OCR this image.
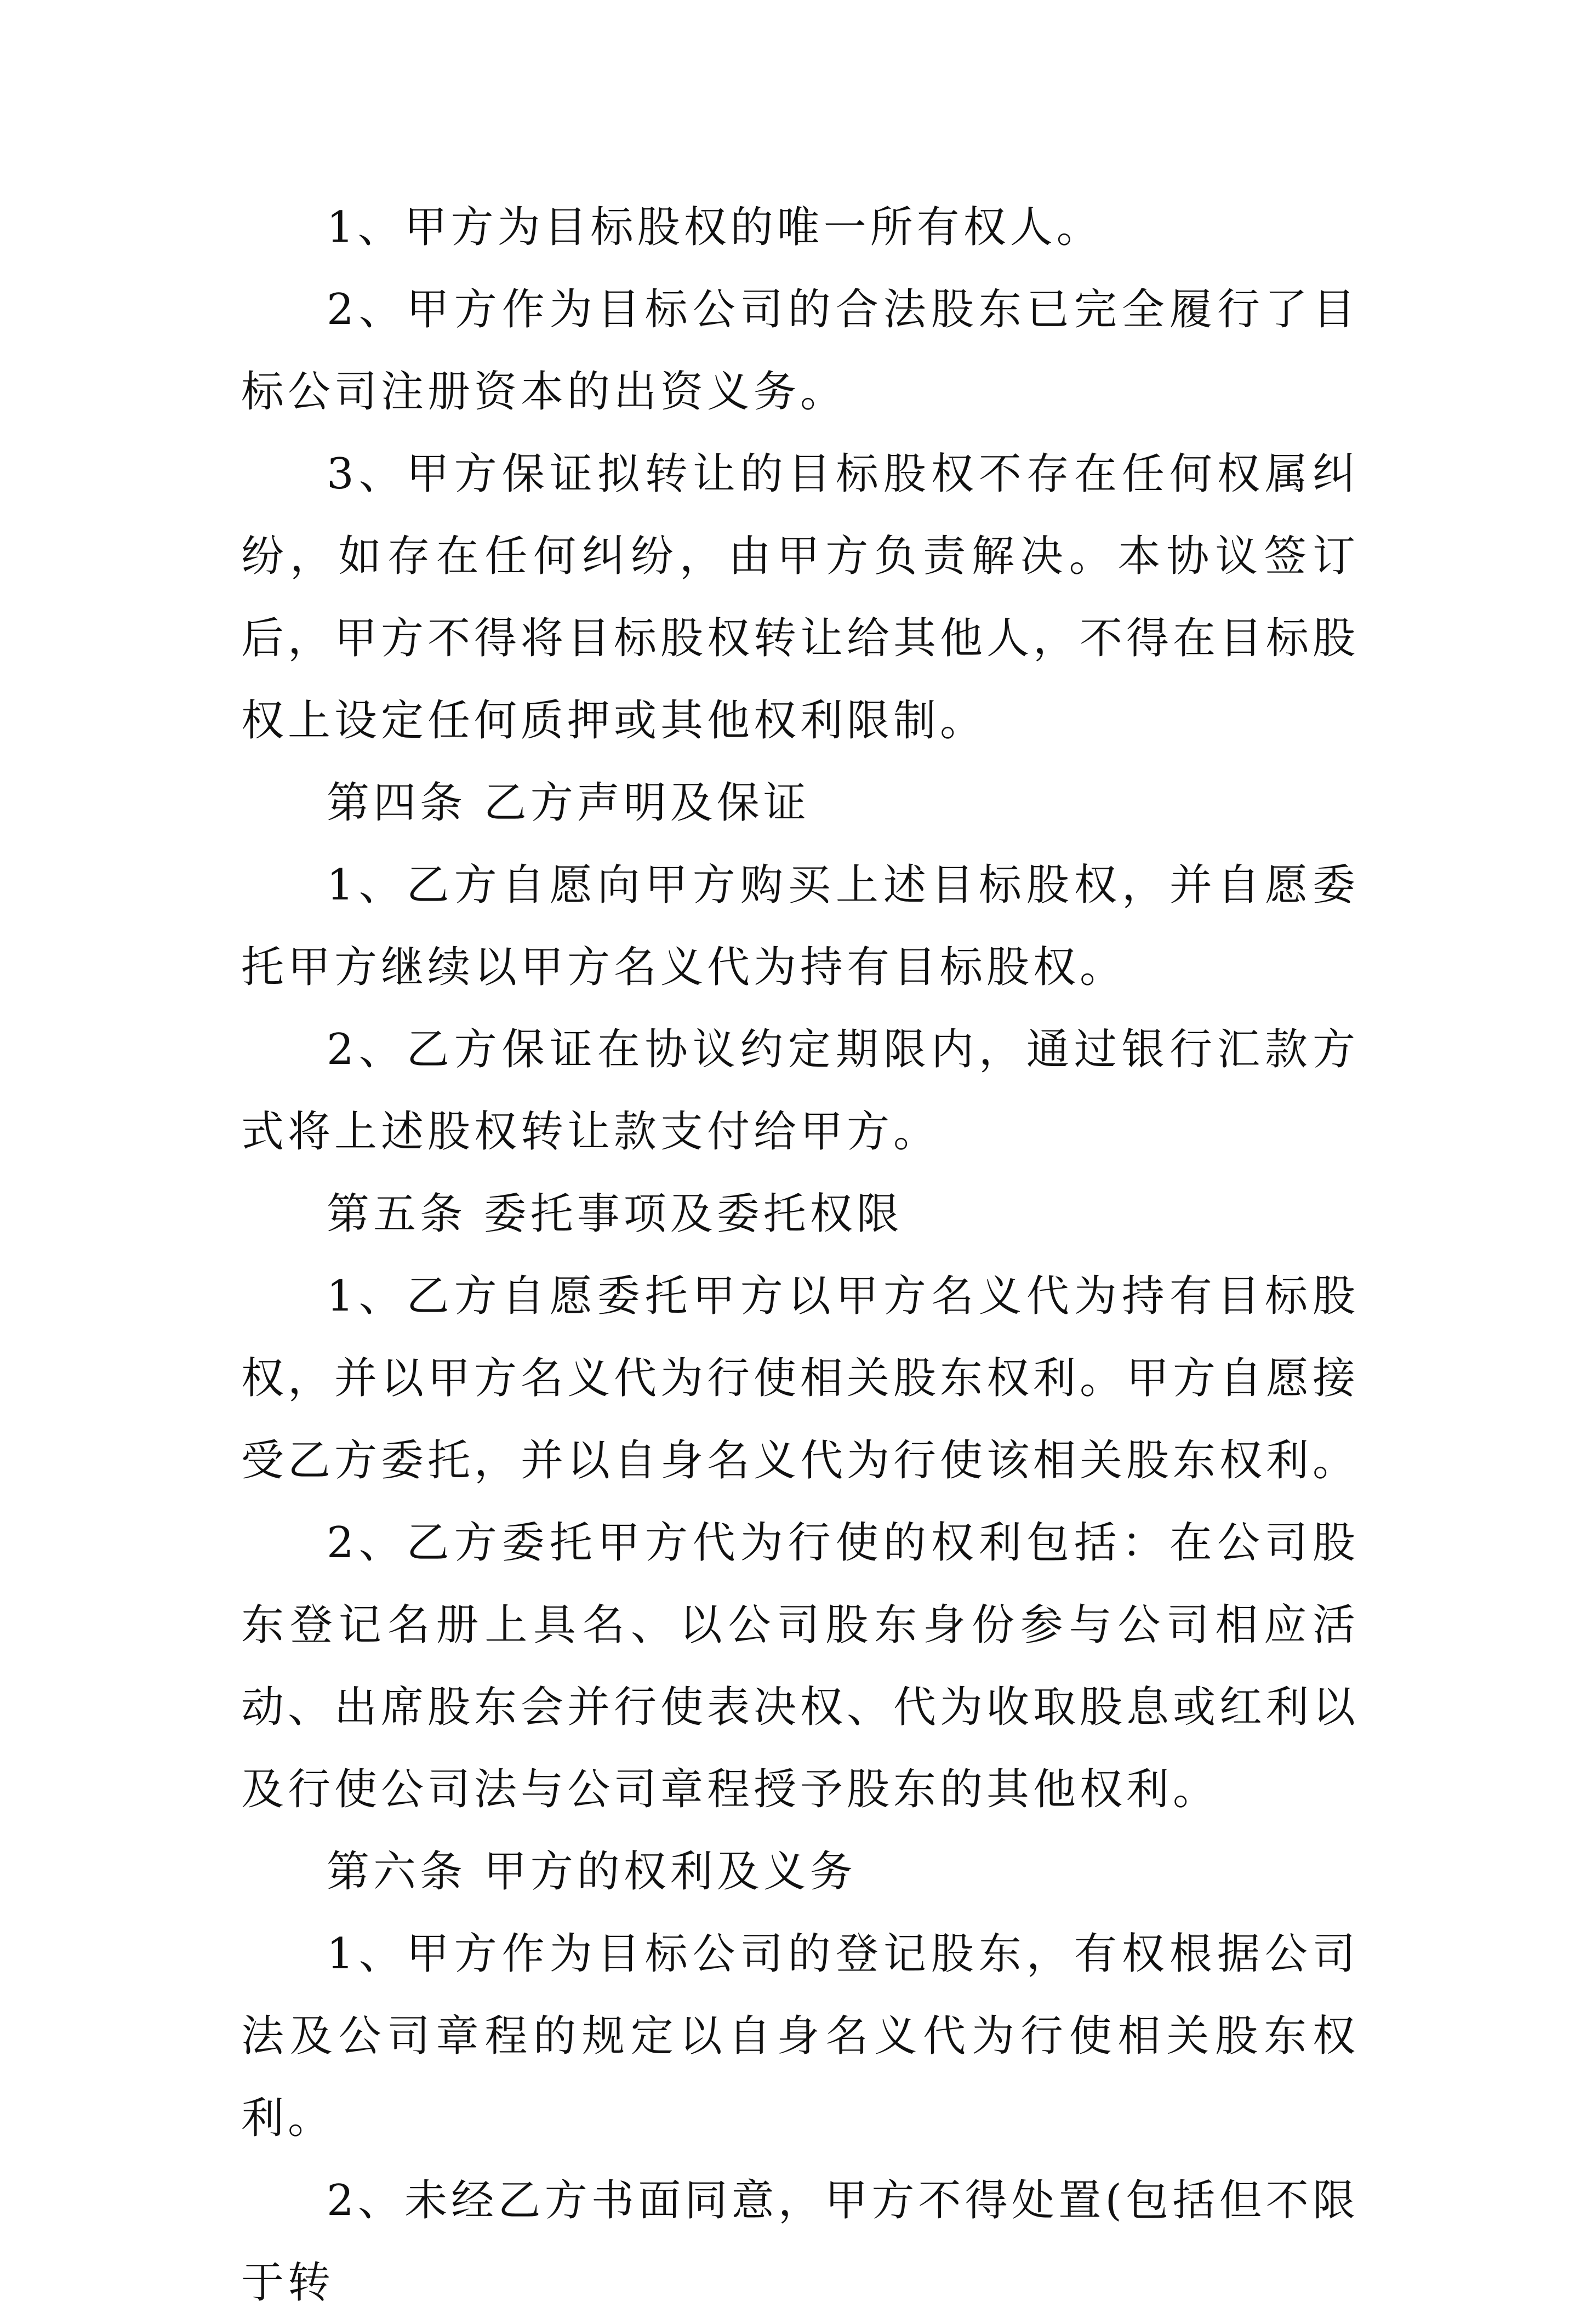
1、甲方为目标股权的唯一所有权人。

2、甲方作为目标公司的合法股东已完全履行了目标公司注册资本的出资义务。

3、甲方保证拟转让的目标股权不存在任何权属纠纷，如存在任何纠纷，由甲方负责解决。本协议签订后，甲方不得将目标股权转让给其他人，不得在目标股权上设定任何质押或其他权利限制。

第四条 乙方声明及保证

1、乙方自愿向甲方购买上述目标股权，并自愿委托甲方继续以甲方名义代为持有目标股权。

2、乙方保证在协议约定期限内，通过银行汇款方式将上述股权转让款支付给甲方。

第五条 委托事项及委托权限

1、乙方自愿委托甲方以甲方名义代为持有目标股权，并以甲方名义代为行使相关股东权利。甲方自愿接受乙方委托，并以自身名义代为行使该相关股东权利。

2、乙方委托甲方代为行使的权利包括：在公司股东登记名册上具名、以公司股东身份参与公司相应活动、出席股东会并行使表决权、代为收取股息或红利以及行使公司法与公司章程授予股东的其他权利。

第六条 甲方的权利及义务

1、甲方作为目标公司的登记股东，有权根据公司法及公司章程的规定以自身名义代为行使相关股东权利。

2、未经乙方书面同意，甲方不得处置(包括但不限于转
